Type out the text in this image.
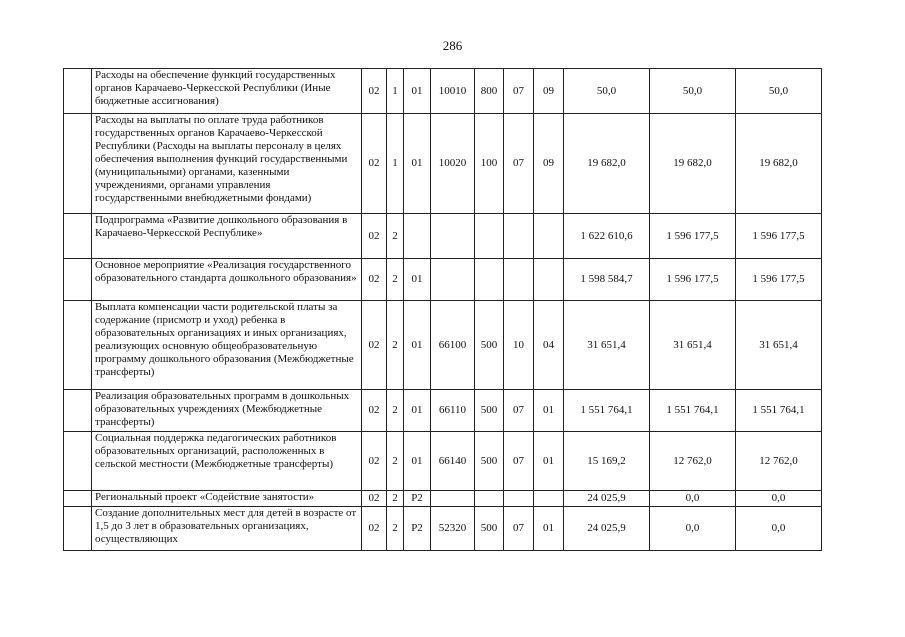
286

	Расходы на обеспечение функций государственных органов Карачаево-Черкесской Республики (Иные бюджетные ассигнования)	02	1	01	10010	800	07	09	50,0	50,0	50,0

	Расходы на выплаты по оплате труда работников государственных органов Карачаево-Черкесской Республики (Расходы на выплаты персоналу в целях обеспечения выполнения функций государственными (муниципальными) органами, казенными учреждениями, органами управления государственными внебюджетными фондами)	02	1	01	10020	100	07	09	19 682,0	19 682,0	19 682,0

	Подпрограмма «Развитие дошкольного образования в Карачаево-Черкесской Республике»	02	2						1 622 610,6	1 596 177,5	1 596 177,5

	Основное мероприятие «Реализация государственного образовательного стандарта дошкольного образования»	02	2	01					1 598 584,7	1 596 177,5	1 596 177,5

	Выплата компенсации части родительской платы за содержание (присмотр и уход) ребенка в образовательных организациях и иных организациях, реализующих основную общеобразовательную программу дошкольного образования (Межбюджетные трансферты)	02	2	01	66100	500	10	04	31 651,4	31 651,4	31 651,4

	Реализация образовательных программ в дошкольных образовательных учреждениях (Межбюджетные трансферты)	02	2	01	66110	500	07	01	1 551 764,1	1 551 764,1	1 551 764,1

	Социальная поддержка педагогических работников образовательных организаций, расположенных в сельской местности (Межбюджетные трансферты)	02	2	01	66140	500	07	01	15 169,2	12 762,0	12 762,0

	Региональный проект «Содействие занятости»	02	2	P2					24 025,9	0,0	0,0

	Создание дополнительных мест для детей в возрасте от 1,5 до 3 лет в образовательных организациях, осуществляющих	02	2	P2	52320	500	07	01	24 025,9	0,0	0,0
